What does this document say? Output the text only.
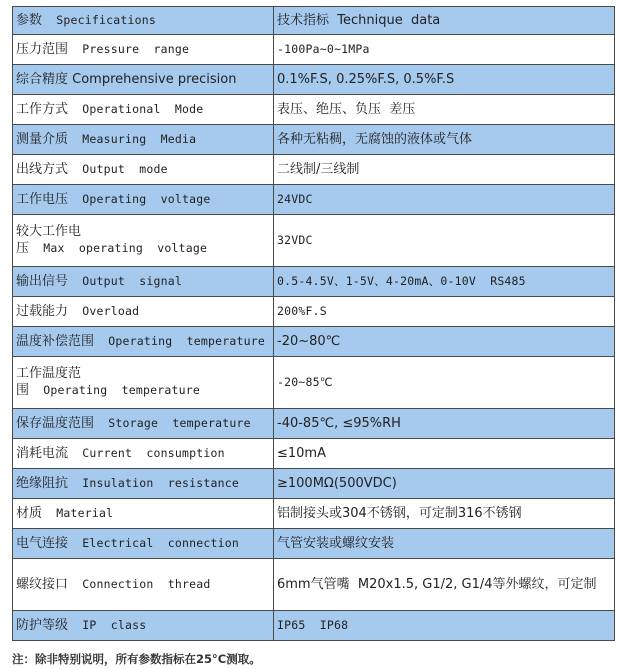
参数  Specifications	技术指标  Technique  data
压力范围  Pressure  range	-100Pa~0~1MPa
综合精度 Comprehensive precision	0.1%F.S, 0.25%F.S, 0.5%F.S
工作方式  Operational  Mode	表压、绝压、负压  差压
测量介质  Measuring  Media	各种无粘稠，无腐蚀的液体或气体
出线方式  Output  mode	二线制/三线制
工作电压  Operating  voltage	24VDC
较大工作电
压  Max  operating  voltage	32VDC
输出信号  Output  signal	0.5-4.5V、1-5V、4-20mA、0-10V  RS485
过载能力  Overload	200%F.S
温度补偿范围  Operating  temperature	-20~80℃
工作温度范
围  Operating  temperature	-20~85℃
保存温度范围  Storage  temperature	-40-85℃, ≤95%RH
消耗电流  Current  consumption	≤10mA
绝缘阻抗  Insulation  resistance	≥100MΩ(500VDC)
材质  Material	铝制接头或304不锈钢，可定制316不锈钢
电气连接  Electrical  connection	气管安装或螺纹安装
螺纹接口  Connection  thread	6mm气管嘴  M20x1.5, G1/2, G1/4等外螺纹，可定制
防护等级  IP  class	IP65  IP68
注：除非特别说明，所有参数指标在25°C测取。
